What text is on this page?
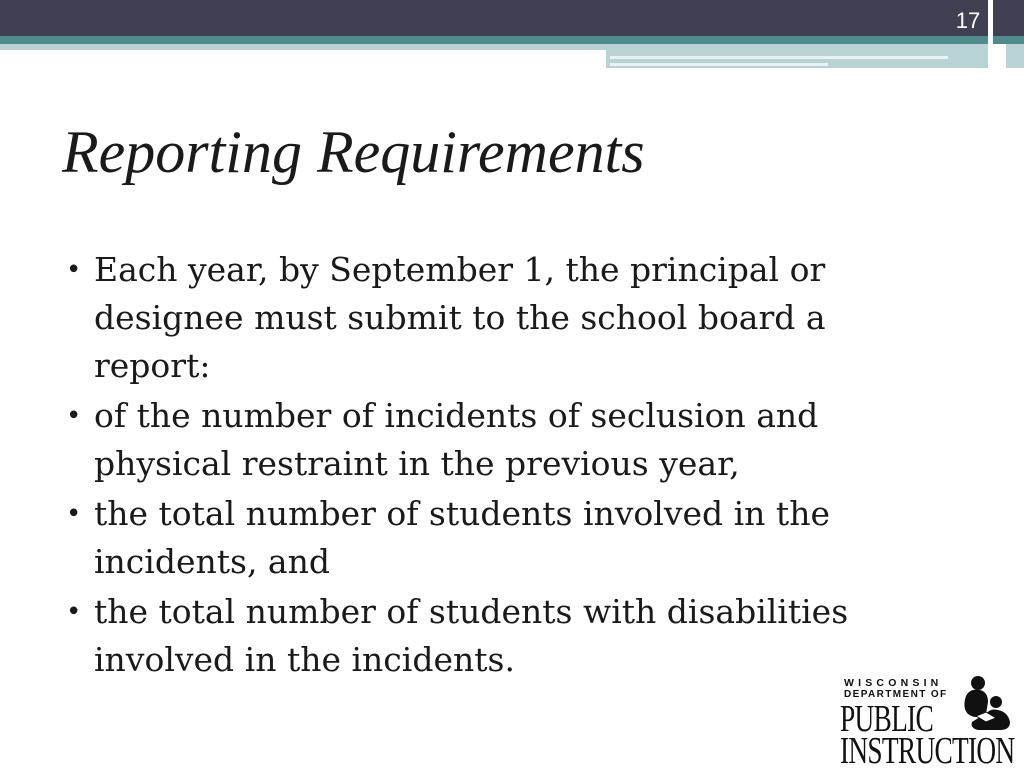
17
Reporting Requirements
• Each year, by September 1, the principal or designee must submit to the school board a report:
• of the number of incidents of seclusion and physical restraint in the previous year,
• the total number of students involved in the incidents, and
• the total number of students with disabilities involved in the incidents.
WISCONSIN
DEPARTMENT OF
PUBLIC
INSTRUCTION
